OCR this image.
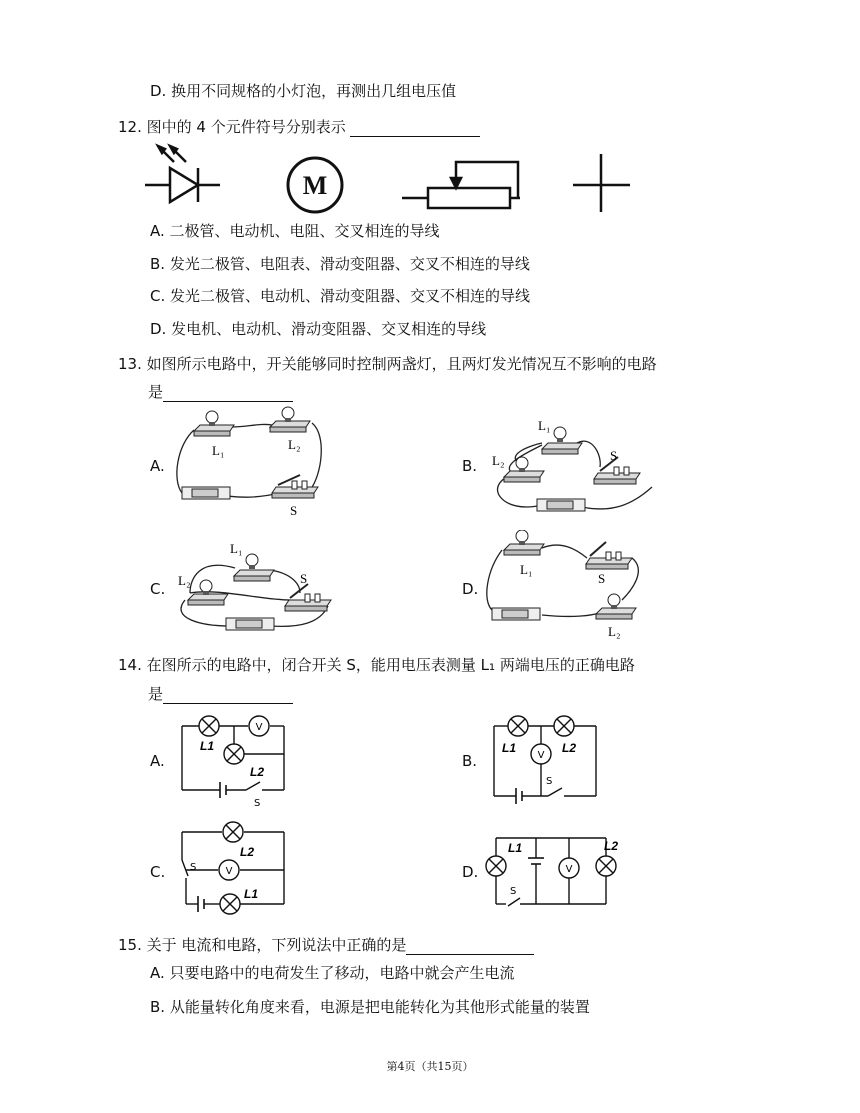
D. 换用不同规格的小灯泡，再测出几组电压值
12. 图中的 4 个元件符号分别表示
M
A. 二极管、电动机、电阻、交叉相连的导线
B. 发光二极管、电阻表、滑动变阻器、交叉不相连的导线
C. 发光二极管、电动机、滑动变阻器、交叉不相连的导线
D. 发电机、电动机、滑动变阻器、交叉相连的导线
13. 如图所示电路中，开关能够同时控制两盏灯，且两灯发光情况互不影响的电路
是
A.	B.
C.	D.
L₁	L₂
S
L₁
L₂	S
L₁
L₂	S
L₁
S
L₂
14. 在图所示的电路中，闭合开关 S，能用电压表测量 L₁ 两端电压的正确电路
是
A.	B.
C.	D.
V
L1
L2
S
V
L1	L2
S
V
S
L2
L1
V
L1	L2
S
15. 关于 电流和电路，下列说法中正确的是
A. 只要电路中的电荷发生了移动，电路中就会产生电流
B. 从能量转化角度来看，电源是把电能转化为其他形式能量的装置
第4页（共15页）
